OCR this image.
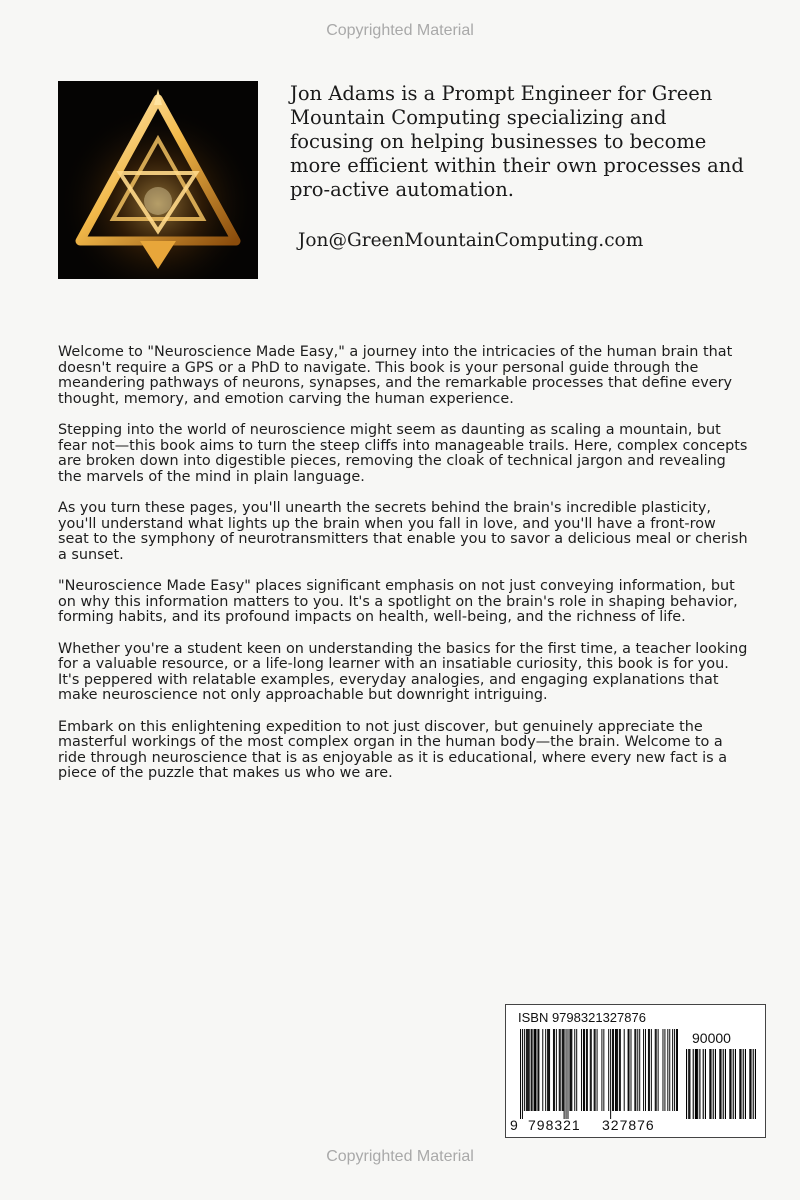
Copyrighted Material

Jon Adams is a Prompt Engineer for Green Mountain Computing specializing and focusing on helping businesses to become more efficient within their own processes and pro-active automation.

Jon@GreenMountainComputing.com

Welcome to "Neuroscience Made Easy," a journey into the intricacies of the human brain that doesn't require a GPS or a PhD to navigate. This book is your personal guide through the meandering pathways of neurons, synapses, and the remarkable processes that define every thought, memory, and emotion carving the human experience.

Stepping into the world of neuroscience might seem as daunting as scaling a mountain, but fear not—this book aims to turn the steep cliffs into manageable trails. Here, complex concepts are broken down into digestible pieces, removing the cloak of technical jargon and revealing the marvels of the mind in plain language.

As you turn these pages, you'll unearth the secrets behind the brain's incredible plasticity, you'll understand what lights up the brain when you fall in love, and you'll have a front-row seat to the symphony of neurotransmitters that enable you to savor a delicious meal or cherish a sunset.

"Neuroscience Made Easy" places significant emphasis on not just conveying information, but on why this information matters to you. It's a spotlight on the brain's role in shaping behavior, forming habits, and its profound impacts on health, well-being, and the richness of life.

Whether you're a student keen on understanding the basics for the first time, a teacher looking for a valuable resource, or a life-long learner with an insatiable curiosity, this book is for you. It's peppered with relatable examples, everyday analogies, and engaging explanations that make neuroscience not only approachable but downright intriguing.

Embark on this enlightening expedition to not just discover, but genuinely appreciate the masterful workings of the most complex organ in the human body—the brain. Welcome to a ride through neuroscience that is as enjoyable as it is educational, where every new fact is a piece of the puzzle that makes us who we are.

ISBN 9798321327876
90000
9 798321 327876
Copyrighted Material
